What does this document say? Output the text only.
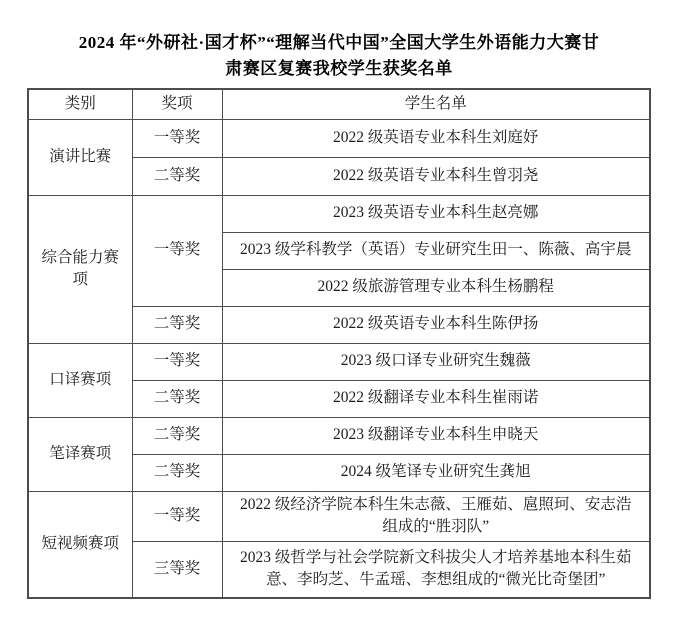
2024 年“外研社·国才杯”“理解当代中国”全国大学生外语能力大赛甘
肃赛区复赛我校学生获奖名单
类别	奖项	学生名单
演讲比赛	一等奖	2022 级英语专业本科生刘庭妤
	二等奖	2022 级英语专业本科生曾羽尧
综合能力赛项	一等奖	2023 级英语专业本科生赵亮娜
		2023 级学科教学（英语）专业研究生田一、陈薇、高宇晨
		2022 级旅游管理专业本科生杨鹏程
	二等奖	2022 级英语专业本科生陈伊扬
口译赛项	一等奖	2023 级口译专业研究生魏薇
	二等奖	2022 级翻译专业本科生崔雨诺
笔译赛项	二等奖	2023 级翻译专业本科生申晓天
	二等奖	2024 级笔译专业研究生龚旭
短视频赛项	一等奖	2022 级经济学院本科生朱志薇、王雁茹、扈照珂、安志浩组成的“胜羽队”
	三等奖	2023 级哲学与社会学院新文科拔尖人才培养基地本科生茹意、李昀芝、牛孟瑶、李想组成的“微光比奇堡团”
